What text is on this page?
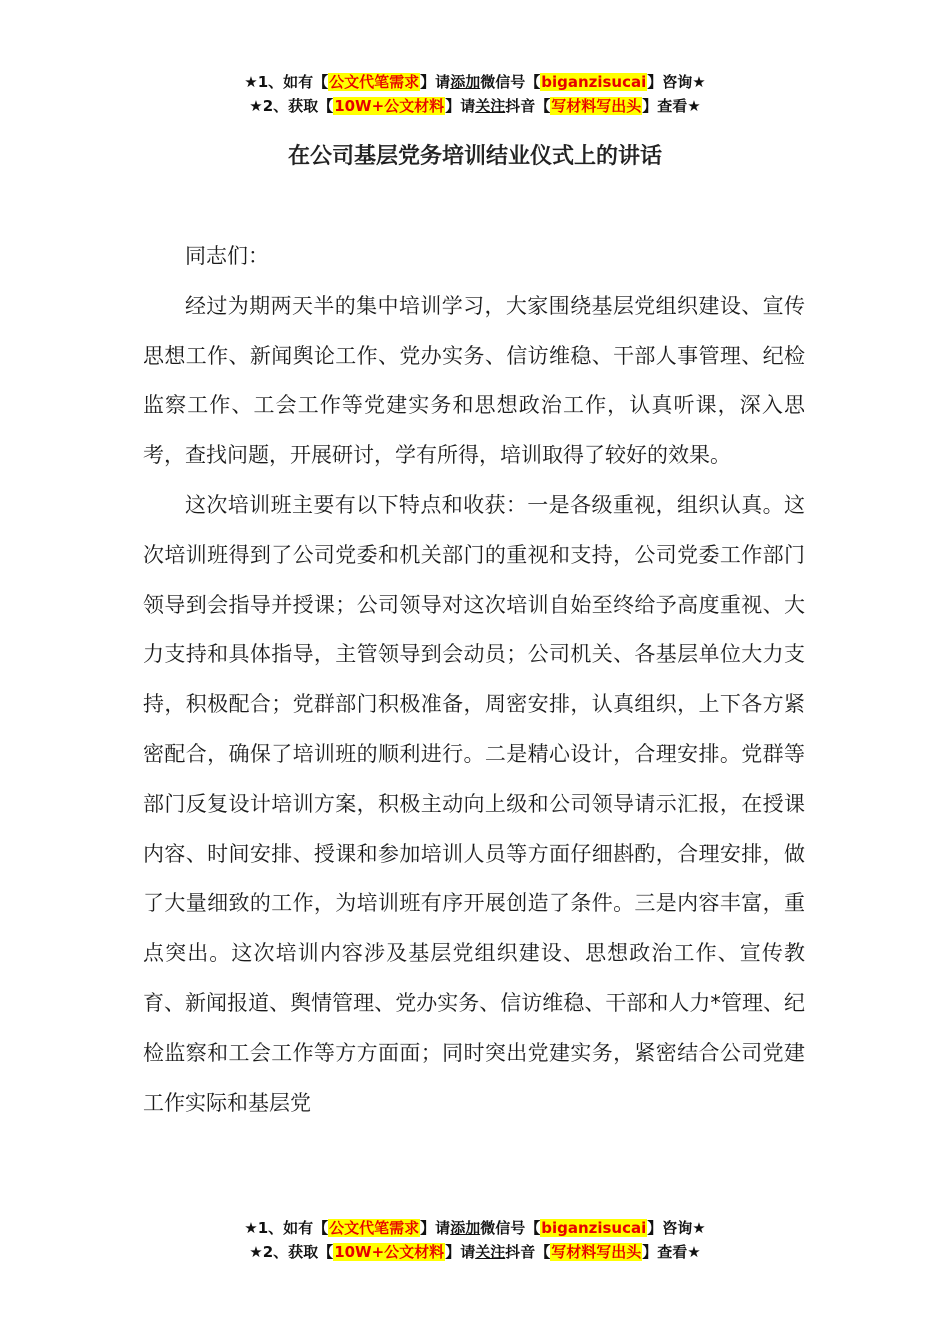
★1、如有【公文代笔需求】请添加微信号【biganzisucai】咨询★
★2、获取【10W+公文材料】请关注抖音【写材料写出头】查看★
在公司基层党务培训结业仪式上的讲话

同志们：

经过为期两天半的集中培训学习，大家围绕基层党组织建设、宣传思想工作、新闻舆论工作、党办实务、信访维稳、干部人事管理、纪检监察工作、工会工作等党建实务和思想政治工作，认真听课，深入思考，查找问题，开展研讨，学有所得，培训取得了较好的效果。

这次培训班主要有以下特点和收获：一是各级重视，组织认真。这次培训班得到了公司党委和机关部门的重视和支持，公司党委工作部门领导到会指导并授课；公司领导对这次培训自始至终给予高度重视、大力支持和具体指导，主管领导到会动员；公司机关、各基层单位大力支持，积极配合；党群部门积极准备，周密安排，认真组织，上下各方紧密配合，确保了培训班的顺利进行。二是精心设计，合理安排。党群等部门反复设计培训方案，积极主动向上级和公司领导请示汇报，在授课内容、时间安排、授课和参加培训人员等方面仔细斟酌，合理安排，做了大量细致的工作，为培训班有序开展创造了条件。三是内容丰富，重点突出。这次培训内容涉及基层党组织建设、思想政治工作、宣传教育、新闻报道、舆情管理、党办实务、信访维稳、干部和人力*管理、纪检监察和工会工作等方方面面；同时突出党建实务，紧密结合公司党建工作实际和基层党

★1、如有【公文代笔需求】请添加微信号【biganzisucai】咨询★
★2、获取【10W+公文材料】请关注抖音【写材料写出头】查看★
